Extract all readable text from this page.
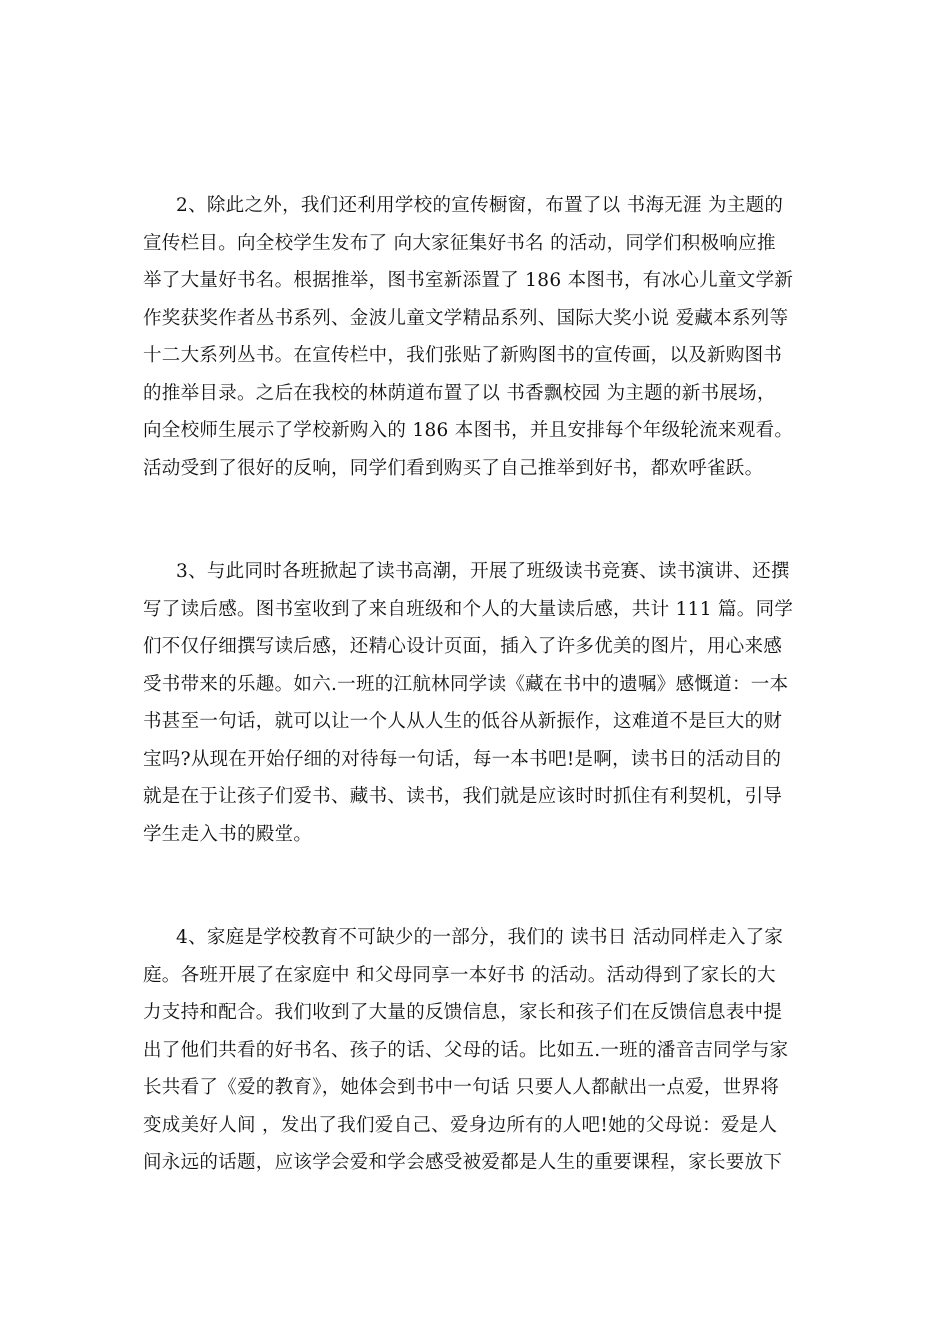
2、除此之外，我们还利用学校的宣传橱窗，布置了以 书海无涯 为主题的
宣传栏目。向全校学生发布了 向大家征集好书名 的活动，同学们积极响应推
举了大量好书名。根据推举，图书室新添置了 186 本图书，有冰心儿童文学新
作奖获奖作者丛书系列、金波儿童文学精品系列、国际大奖小说 爱藏本系列等
十二大系列丛书。在宣传栏中，我们张贴了新购图书的宣传画，以及新购图书
的推举目录。之后在我校的林荫道布置了以 书香飘校园 为主题的新书展场，
向全校师生展示了学校新购入的 186 本图书，并且安排每个年级轮流来观看。
活动受到了很好的反响，同学们看到购买了自己推举到好书，都欢呼雀跃。
3、与此同时各班掀起了读书高潮，开展了班级读书竞赛、读书演讲、还撰
写了读后感。图书室收到了来自班级和个人的大量读后感，共计 111 篇。同学
们不仅仔细撰写读后感，还精心设计页面，插入了许多优美的图片，用心来感
受书带来的乐趣。如六.一班的江航林同学读《藏在书中的遗嘱》感慨道：一本
书甚至一句话，就可以让一个人从人生的低谷从新振作，这难道不是巨大的财
宝吗?从现在开始仔细的对待每一句话，每一本书吧!是啊，读书日的活动目的
就是在于让孩子们爱书、藏书、读书，我们就是应该时时抓住有利契机，引导
学生走入书的殿堂。
4、家庭是学校教育不可缺少的一部分，我们的 读书日 活动同样走入了家
庭。各班开展了在家庭中 和父母同享一本好书 的活动。活动得到了家长的大
力支持和配合。我们收到了大量的反馈信息，家长和孩子们在反馈信息表中提
出了他们共看的好书名、孩子的话、父母的话。比如五.一班的潘音吉同学与家
长共看了《爱的教育》，她体会到书中一句话 只要人人都献出一点爱，世界将
变成美好人间 ，发出了我们爱自己、爱身边所有的人吧!她的父母说：爱是人
间永远的话题，应该学会爱和学会感受被爱都是人生的重要课程，家长要放下
